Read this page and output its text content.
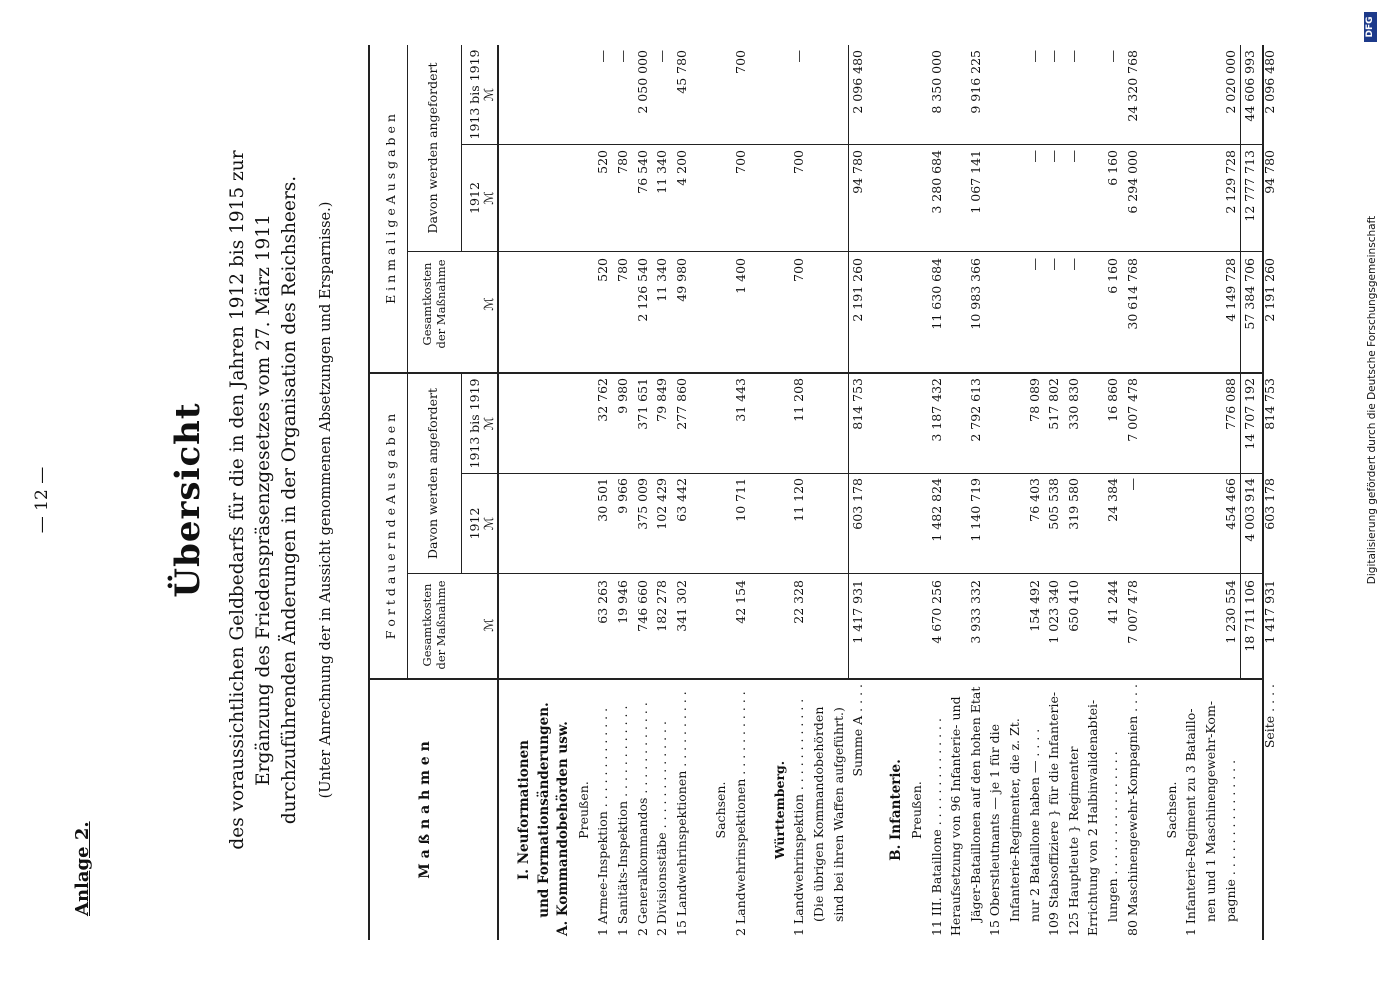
— 12 —
Anlage 2.
Übersicht des voraussichtlichen Geldbedarfs für die in den Jahren 1912 bis 1915 zur Ergänzung des Friedenspräsenzgesetzes vom 27. März 1911 durchzuführenden Änderungen in der Organisation des Reichsheers. (Unter Anrechnung der in Aussicht genommenen Absetzungen und Ersparnisse.)
M a ß n a h m e n
F o r t d a u e r n d e A u s g a b e n
E i n m a l i g e A u s g a b e n
Gesamtkosten der Maßnahme
Davon werden angefordert 1912
1913 bis 1919
Gesamtkosten der Maßnahme
Davon werden angefordert 1912
1913 bis 1919
ℳ
ℳ
ℳ
ℳ
ℳ
ℳ
I. Neuformationen und Formationsänderungen. A. Kommandobehörden usw. Preußen. 1 Armee-Inspektion . . . . . . . . . . . . .
63 263
30 501
32 762
520
520
—
1 Sanitäts-Inspektion . . . . . . . . . . . .
19 946
9 966
9 980
780
780
—
2 Generalkommandos . . . . . . . . . . . .
746 660
375 009
371 651
2 126 540
76 540
2 050 000
2 Divisionsstäbe . . . . . . . . . . . . . .
182 278
102 429
79 849
11 340
11 340
—
15 Landwehrinspektionen . . . . . . . . . .
341 302
63 442
277 860
49 980
4 200
45 780
Sachsen. 2 Landwehrinspektionen . . . . . . . . . . .
42 154
10 711
31 443
1 400
700
700
Württemberg. 1 Landwehrinspektion . . . . . . . . . . . .
22 328
11 120
11 208
700
700
—
(Die übrigen Kommandobehörden sind bei ihren Waffen aufgeführt.) Summe A . . . .
1 417 931
603 178
814 753
2 191 260
94 780
2 096 480
B. Infanterie. Preußen. 11 III. Bataillone . . . . . . . . . . . . . .
4 670 256
1 482 824
3 187 432
11 630 684
3 280 684
8 350 000
Heraufsetzung von 96 Infanterie- und Jäger-Bataillonen auf den hohen Etat
3 933 332
1 140 719
2 792 613
10 983 366
1 067 141
9 916 225
15 Oberstleutnants — je 1 für die Infanterie-Regimenter, die z. Zt. nur 2 Bataillone haben — . . . .
154 492
76 403
78 089
—
—
—
109 Stabsoffiziere } für die Infanterie-
1 023 340
505 538
517 802
—
—
—
125 Hauptleute } Regimenter
650 410
319 580
330 830
—
—
—
Errichtung von 2 Halbinvalidenabtei- lungen . . . . . . . . . . . . . . . .
41 244
24 384
16 860
6 160
6 160
—
80 Maschinengewehr-Kompagnien . . . .
7 007 478
—
7 007 478
30 614 768
6 294 000
24 320 768
Sachsen. 1 Infanterie-Regiment zu 3 Bataillo- nen und 1 Maschinengewehr-Kom- pagnie . . . . . . . . . . . . . . .
1 230 554
454 466
776 088
4 149 728
2 129 728
2 020 000
18 711 106
4 003 914
14 707 192
57 384 706
12 777 713
44 606 993
Seite . . . .
1 417 931
603 178
814 753
2 191 260
94 780
2 096 480
Digitalisierung gefördert durch die Deutsche Forschungsgemeinschaft
DFG
